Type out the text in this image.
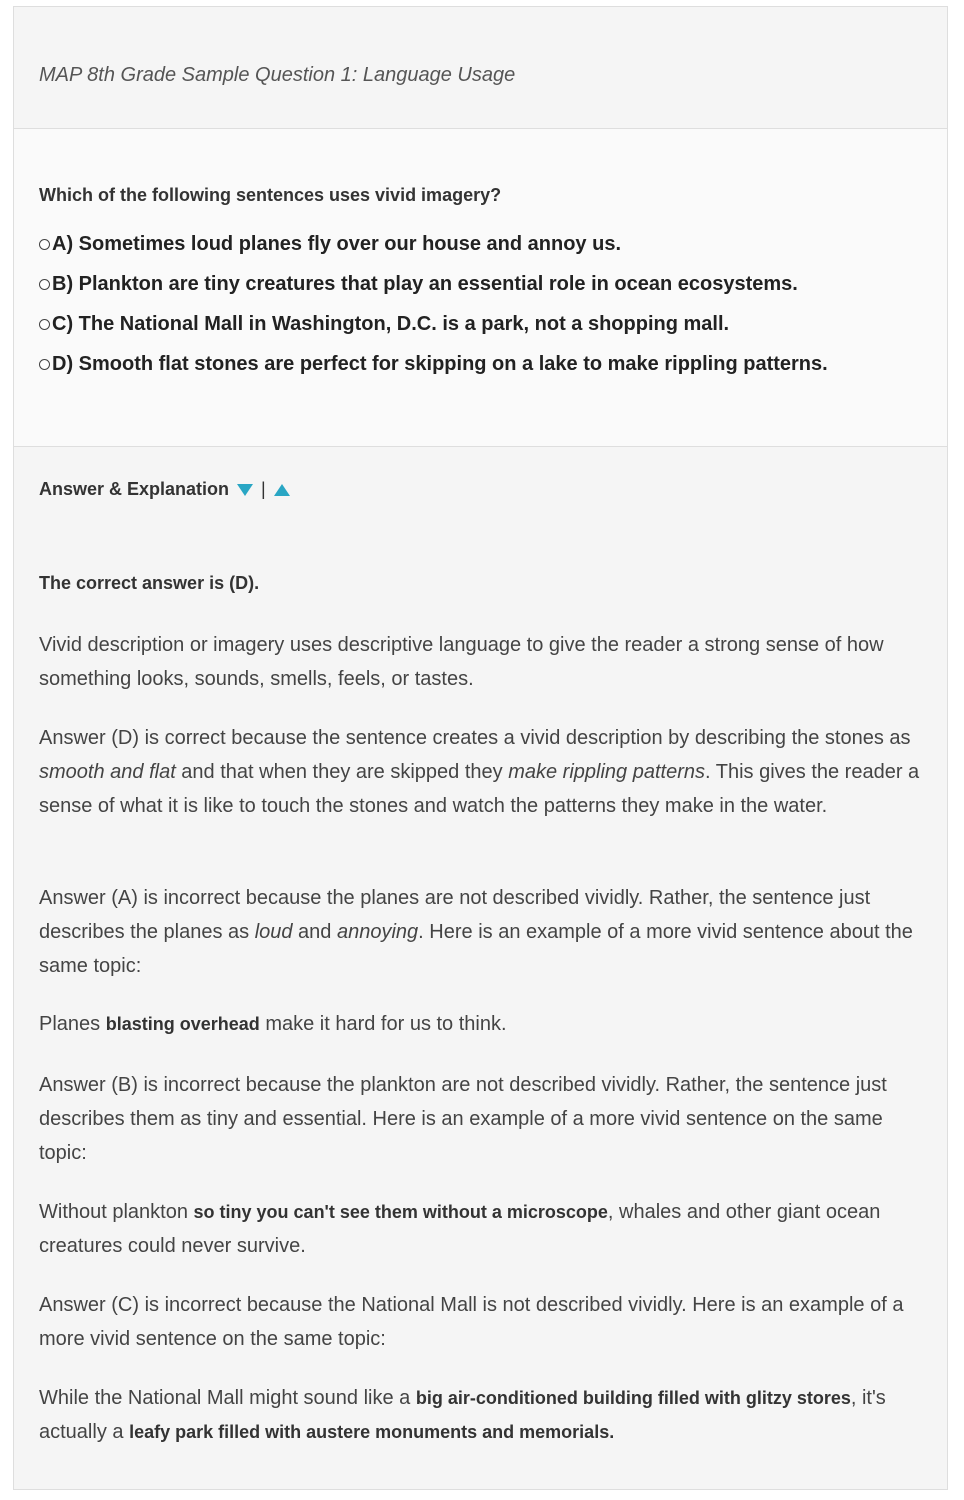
MAP 8th Grade Sample Question 1: Language Usage
Which of the following sentences uses vivid imagery?
A) Sometimes loud planes fly over our house and annoy us.
B) Plankton are tiny creatures that play an essential role in ocean ecosystems.
C) The National Mall in Washington, D.C. is a park, not a shopping mall.
D) Smooth flat stones are perfect for skipping on a lake to make rippling patterns.
Answer & Explanation |
The correct answer is (D).
Vivid description or imagery uses descriptive language to give the reader a strong sense of how something looks, sounds, smells, feels, or tastes.
Answer (D) is correct because the sentence creates a vivid description by describing the stones as smooth and flat and that when they are skipped they make rippling patterns. This gives the reader a sense of what it is like to touch the stones and watch the patterns they make in the water.
Answer (A) is incorrect because the planes are not described vividly. Rather, the sentence just describes the planes as loud and annoying. Here is an example of a more vivid sentence about the same topic:
Planes blasting overhead make it hard for us to think.
Answer (B) is incorrect because the plankton are not described vividly. Rather, the sentence just describes them as tiny and essential. Here is an example of a more vivid sentence on the same topic:
Without plankton so tiny you can't see them without a microscope, whales and other giant ocean creatures could never survive.
Answer (C) is incorrect because the National Mall is not described vividly. Here is an example of a more vivid sentence on the same topic:
While the National Mall might sound like a big air-conditioned building filled with glitzy stores, it's actually a leafy park filled with austere monuments and memorials.
